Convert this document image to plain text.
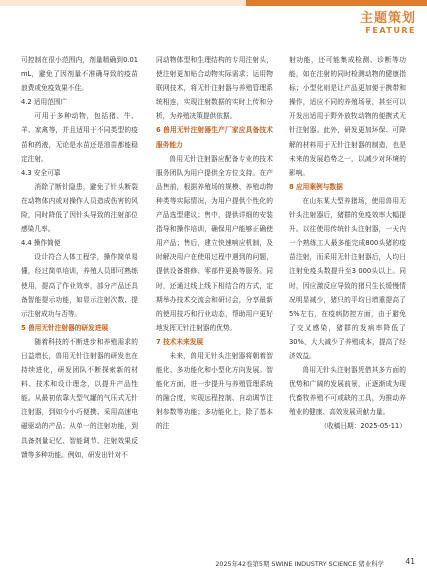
主题策划
FEATURE

可控制在很小范围内，剂量精确到0.01 mL，避免了因剂量不准确导致的疫苗浪费或免疫效果不佳。

4.2 适用范围广

可用于多种动物，包括猪、牛、羊、家禽等，并且适用于不同类型的疫苗和药液，无论是水苗还是油苗都能稳定注射。

4.3 安全可靠

消除了断针隐患，避免了针头断裂在动物体内或对操作人员造成伤害的风险，同时降低了因针头导致的注射部位感染几率。

4.4 操作简便

设计符合人体工程学，操作简单易懂，经过简单培训，养殖人员即可熟练使用，提高了作业效率，部分产品还具备智能提示功能，如显示注射次数、提示注射成功与否等。

5 兽用无针注射器的研发进展

随着科技的不断进步和养殖需求的日益增长，兽用无针注射器的研发也在持续进化，研发团队不断探索新的材料、技术和设计理念，以提升产品性能。从最初依靠大型气罐的气压式无针注射器，到如今小巧便携、采用高速电磁驱动的产品；从单一的注射功能，到具备剂量记忆、智能调节、注射效果反馈等多种功能。例如，研发出针对不

同动物体型和生理结构的专用注射头，使注射更加贴合动物实际需求；运用物联网技术，将无针注射器与养殖管理系统相连，实现注射数据的实时上传和分析，为养殖决策提供依据。

6 兽用无针注射器生产厂家应具备技术服务能力

兽用无针注射器应配备专业的技术服务团队为用户提供全方位支持。在产品售前，根据养殖场的规模、养殖动物种类等实际情况，为用户提供个性化的产品选型建议；售中，提供详细的安装指导和操作培训，确保用户能够正确使用产品；售后，建立快速响应机制，及时解决用户在使用过程中遇到的问题，提供设备维修、零部件更换等服务。同时，还通过线上线下相结合的方式，定期举办技术交流会和研讨会，分享最新的使用技巧和行业动态，帮助用户更好地发挥无针注射器的优势。

7 技术未来发展

未来，兽用无针头注射器将朝着智能化、多功能化和小型化方向发展。智能化方面，进一步提升与养殖管理系统的融合度，实现远程控制、自动调节注射参数等功能；多功能化上，除了基本的注

射功能，还可能集成检测、诊断等功能，如在注射的同时检测动物的健康指标；小型化则是让产品更加便于携带和操作，适应不同的养殖场景，甚至可以开发出适用于野外放牧动物的便携式无针注射器。此外，研发更加环保、可降解的材料用于无针注射器的制造，也是未来的发展趋势之一，以减少对环境的影响。

8 应用案例与数据

在山东某大型养猪场，使用兽用无针头注射器后，猪群的免疫效率大幅提升。以往使用传统针头注射器，一天内一个熟练工人最多能完成800头猪的疫苗注射，而采用无针注射器后，人均日注射免疫头数提升至3 000头以上。同时，因应激反应导致的猪只生长缓慢情况明显减少，猪只的平均日增重提高了5%左右，在疫病防控方面，由于避免了交叉感染，猪群的发病率降低了30%，大大减少了养殖成本，提高了经济效益。

兽用无针头注射器凭借其多方面的优势和广阔的发展前景，正逐渐成为现代畜牧养殖不可或缺的工具，为推动养殖业的健康、高效发展贡献力量。

（收稿日期：2025-05-11）

2025年42卷第5期 SWINE INDUSTRY SCIENCE 猪业科学	41
